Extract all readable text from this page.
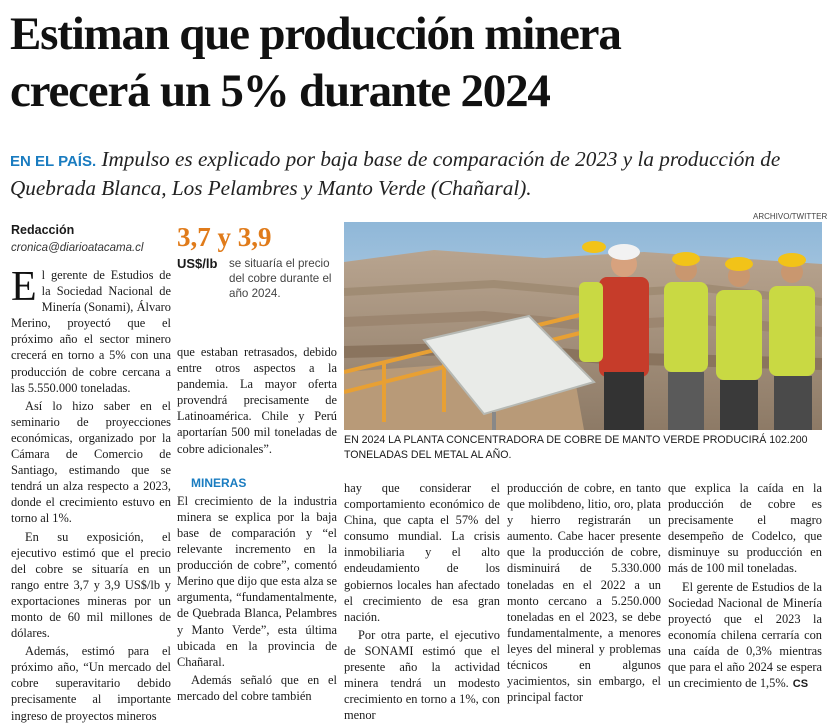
Estiman que producción minera
crecerá un 5% durante 2024
EN EL PAÍS. Impulso es explicado por baja base de comparación de 2023 y la producción de Quebrada Blanca, Los Pelambres y Manto Verde (Chañaral).
Redacción
cronica@diarioatacama.cl	3,7 y 3,9
US$/lb se situaría el precio del cobre durante el año 2024.
ARCHIVO/TWITTER
EN 2024 LA PLANTA CONCENTRADORA DE COBRE DE MANTO VERDE PRODUCIRÁ 102.200 TONELADAS DEL METAL AL AÑO.

El gerente de Estudios de la Sociedad Nacional de Minería (Sonami), Álvaro Merino, proyectó que el próximo año el sector minero crecerá en torno a 5% con una producción de cobre cercana a las 5.550.000 toneladas.

Así lo hizo saber en el seminario de proyecciones económicas, organizado por la Cámara de Comercio de Santiago, estimando que se tendrá un alza respecto a 2023, donde el crecimiento estuvo en torno al 1%.

En su exposición, el ejecutivo estimó que el precio del cobre se situaría en un rango entre 3,7 y 3,9 US$/lb y exportaciones mineras por un monto de 60 mil millones de dólares.

Además, estimó para el próximo año, “Un mercado del cobre superavitario debido precisamente al importante ingreso de proyectos mineros

que estaban retrasados, debido entre otros aspectos a la pandemia. La mayor oferta provendrá precisamente de Latinoamérica. Chile y Perú aportarían 500 mil toneladas de cobre adicionales”.

MINERAS

El crecimiento de la industria minera se explica por la baja base de comparación y “el relevante incremento en la producción de cobre”, comentó Merino que dijo que esta alza se argumenta, “fundamentalmente, de Quebrada Blanca, Pelambres y Manto Verde”, esta última ubicada en la provincia de Chañaral.

Además señaló que en el mercado del cobre también

hay que considerar el comportamiento económico de China, que capta el 57% del consumo mundial. La crisis inmobiliaria y el alto endeudamiento de los gobiernos locales han afectado el crecimiento de esa gran nación.

Por otra parte, el ejecutivo de SONAMI estimó que el presente año la actividad minera tendrá un modesto crecimiento en torno a 1%, con menor

producción de cobre, en tanto que molibdeno, litio, oro, plata y hierro registrarán un aumento. Cabe hacer presente que la producción de cobre, disminuirá de 5.330.000 toneladas en el 2022 a un monto cercano a 5.250.000 toneladas en el 2023, se debe fundamentalmente, a menores leyes del mineral y problemas técnicos en algunos yacimientos, sin embargo, el principal factor

que explica la caída en la producción de cobre es precisamente el magro desempeño de Codelco, que disminuye su producción en más de 100 mil toneladas.

El gerente de Estudios de la Sociedad Nacional de Minería proyectó que el 2023 la economía chilena cerraría con una caída de 0,3% mientras que para el año 2024 se espera un crecimiento de 1,5%. CS
